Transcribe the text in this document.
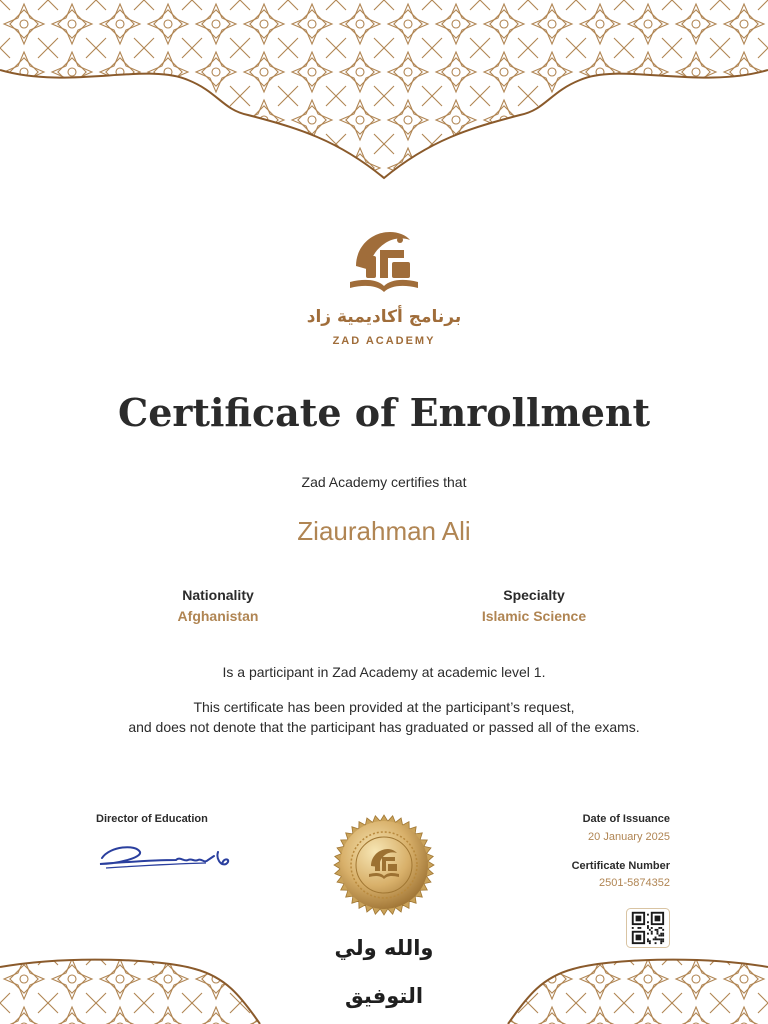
برنامج أكاديمية زاد
ZAD ACADEMY
Certificate of Enrollment
Zad Academy certifies that
Ziaurahman Ali
Nationality
Afghanistan
Specialty
Islamic Science
Is a participant in Zad Academy at academic level 1.
This certificate has been provided at the participant’s request,
and does not denote that the participant has graduated or passed all of the exams.
Director of Education
والله ولي التوفيق
Date of Issuance
20 January 2025
Certificate Number
2501-5874352
